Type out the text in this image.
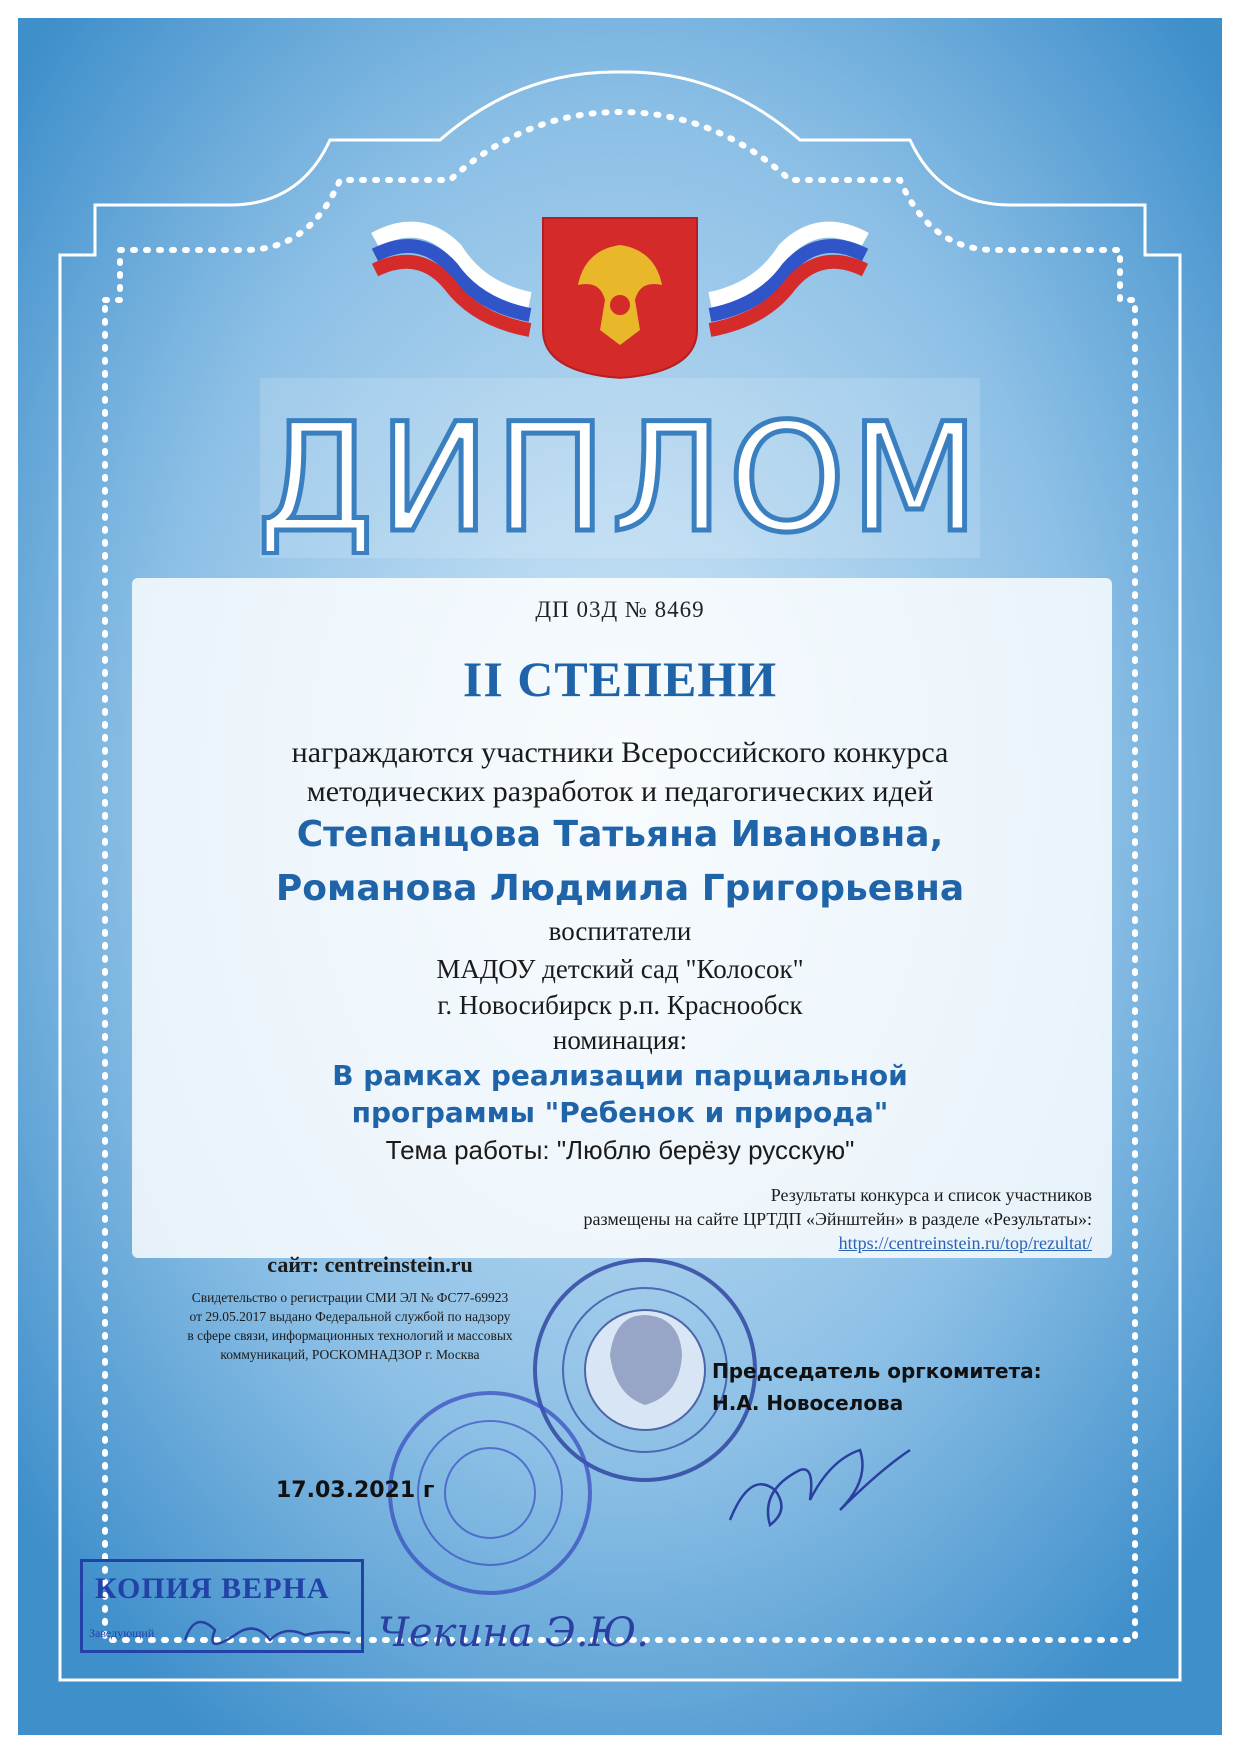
ДИПЛОМ
ДП 03Д № 8469
II СТЕПЕНИ
награждаются участники Всероссийского конкурса
методических разработок и педагогических идей
Степанцова Татьяна Ивановна,
Романова Людмила Григорьевна
воспитатели
МАДОУ детский сад "Колосок"
г. Новосибирск р.п. Краснообск
номинация:
В рамках реализации парциальной
программы "Ребенок и природа"
Тема работы: "Люблю берёзу русскую"
Результаты конкурса и список участников
размещены на сайте ЦРТДП «Эйнштейн» в разделе «Результаты»:
https://centreinstein.ru/top/rezultat/
сайт: centreinstein.ru
Свидетельство о регистрации СМИ ЭЛ № ФС77-69923
от 29.05.2017 выдано Федеральной службой по надзору
в сфере связи, информационных технологий и массовых
коммуникаций, РОСКОМНАДЗОР г. Москва
Председатель оргкомитета:
Н.А. Новоселова
17.03.2021 г
КОПИЯ ВЕРНА
Заведующий	Чекина Э.Ю.
